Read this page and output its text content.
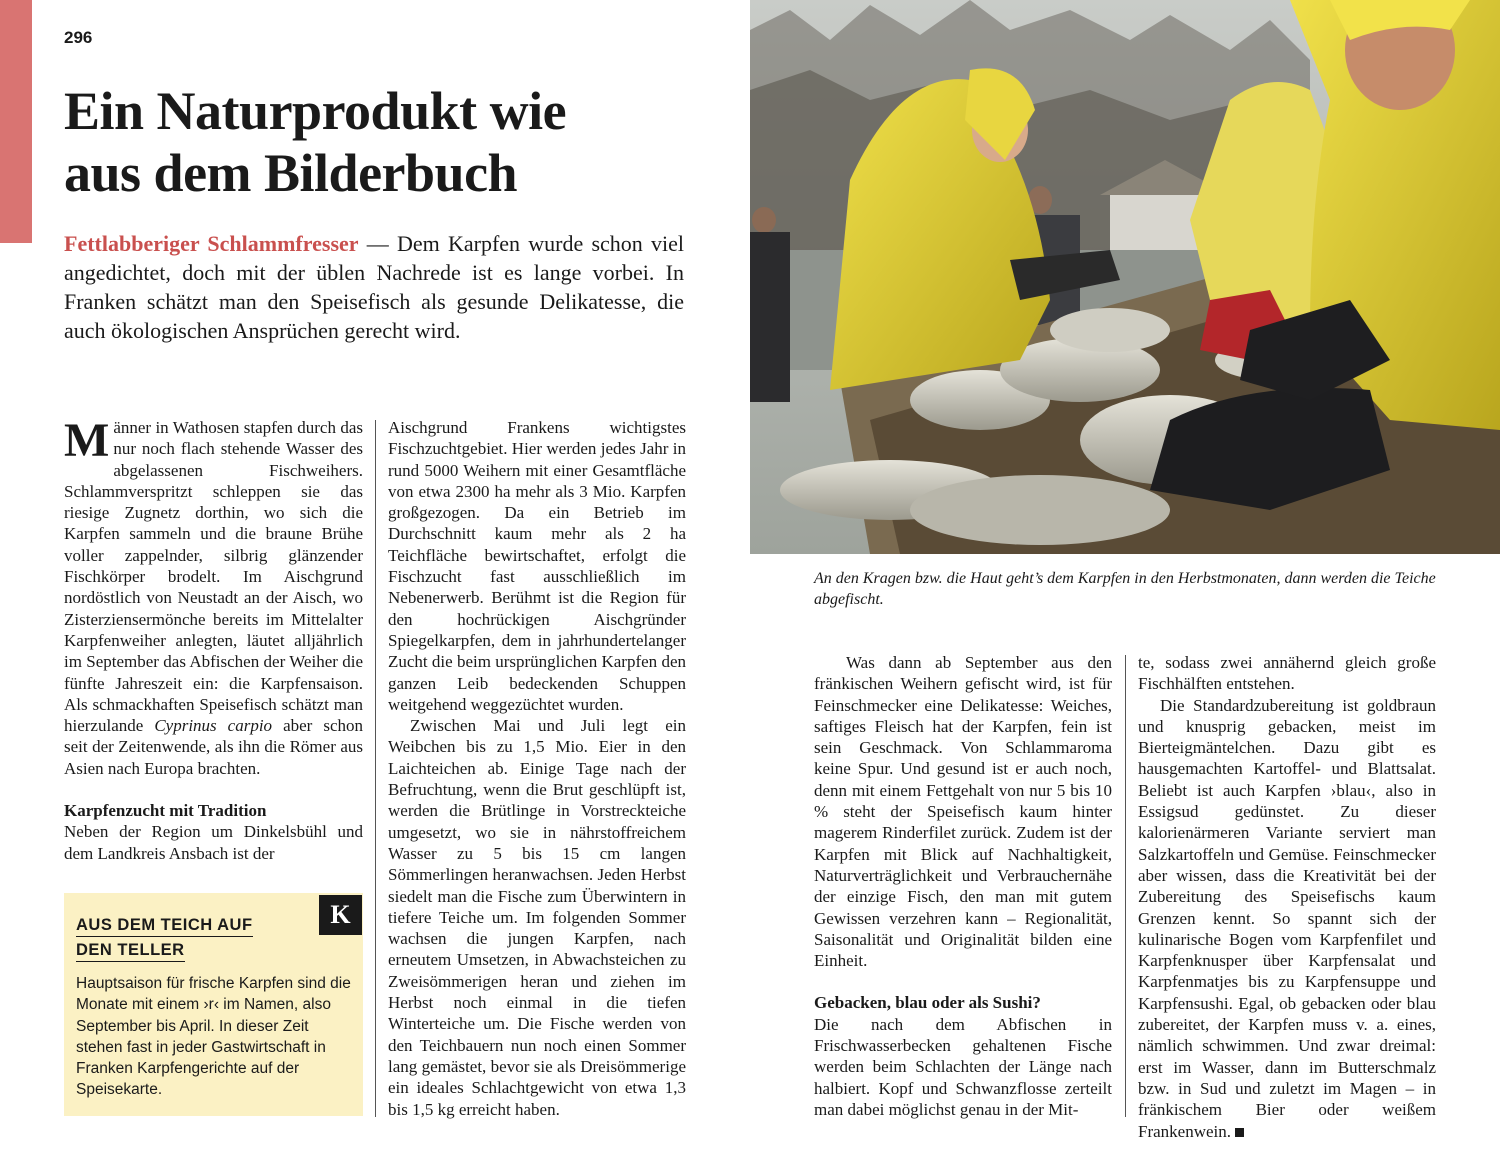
296
Ein Naturprodukt wie
aus dem Bilderbuch

Fettlabberiger Schlammfresser — Dem Karpfen wurde schon viel angedichtet, doch mit der üblen Nachrede ist es lange vorbei. In Franken schätzt man den Speisefisch als gesunde Delikatesse, die auch ökologischen Ansprüchen gerecht wird.

Männer in Wathosen stapfen durch das nur noch flach stehende Wasser des abgelassenen Fischweihers. Schlammverspritzt schleppen sie das riesige Zugnetz dorthin, wo sich die Karpfen sammeln und die braune Brühe voller zappelnder, silbrig glänzender Fischkörper brodelt. Im Aischgrund nordöstlich von Neustadt an der Aisch, wo Zisterziensermönche bereits im Mittelalter Karpfenweiher anlegten, läutet alljährlich im September das Abfischen der Weiher die fünfte Jahreszeit ein: die Karpfensaison. Als schmackhaften Speisefisch schätzt man hierzulande Cyprinus carpio aber schon seit der Zeitenwende, als ihn die Römer aus Asien nach Europa brachten.

Karpfenzucht mit Tradition

Neben der Region um Dinkelsbühl und dem Landkreis Ansbach ist der

AUS DEM TEICH AUF
DEN TELLER
Hauptsaison für frische Karpfen sind die Monate mit einem ›r‹ im Namen, also September bis April. In dieser Zeit stehen fast in jeder Gastwirtschaft in Franken Karpfengerichte auf der Speisekarte.
K

Aischgrund Frankens wichtigstes Fischzuchtgebiet. Hier werden jedes Jahr in rund 5000 Weihern mit einer Gesamtfläche von etwa 2300 ha mehr als 3 Mio. Karpfen großgezogen. Da ein Betrieb im Durchschnitt kaum mehr als 2 ha Teichfläche bewirtschaftet, erfolgt die Fischzucht fast ausschließlich im Nebenerwerb. Berühmt ist die Region für den hochrückigen Aischgründer Spiegelkarpfen, dem in jahrhundertelanger Zucht die beim ursprünglichen Karpfen den ganzen Leib bedeckenden Schuppen weitgehend weggezüchtet wurden.

Zwischen Mai und Juli legt ein Weibchen bis zu 1,5 Mio. Eier in den Laichteichen ab. Einige Tage nach der Befruchtung, wenn die Brut geschlüpft ist, werden die Brütlinge in Vorstreckteiche umgesetzt, wo sie in nährstoffreichem Wasser zu 5 bis 15 cm langen Sömmerlingen heranwachsen. Jeden Herbst siedelt man die Fische zum Überwintern in tiefere Teiche um. Im folgenden Sommer wachsen die jungen Karpfen, nach erneutem Umsetzen, in Abwachsteichen zu Zweisömmerigen heran und ziehen im Herbst noch einmal in die tiefen Winterteiche um. Die Fische werden von den Teichbauern nun noch einen Sommer lang gemästet, bevor sie als Dreisömmerige ein ideales Schlachtgewicht von etwa 1,3 bis 1,5 kg erreicht haben.

An den Kragen bzw. die Haut geht’s dem Karpfen in den Herbstmonaten, dann werden die Teiche abgefischt.

Was dann ab September aus den fränkischen Weihern gefischt wird, ist für Feinschmecker eine Delikatesse: Weiches, saftiges Fleisch hat der Karpfen, fein ist sein Geschmack. Von Schlammaroma keine Spur. Und gesund ist er auch noch, denn mit einem Fettgehalt von nur 5 bis 10 % steht der Speisefisch kaum hinter magerem Rinderfilet zurück. Zudem ist der Karpfen mit Blick auf Nachhaltigkeit, Naturverträglichkeit und Verbrauchernähe der einzige Fisch, den man mit gutem Gewissen verzehren kann – Regionalität, Saisonalität und Originalität bilden eine Einheit.

Gebacken, blau oder als Sushi?

Die nach dem Abfischen in Frischwasserbecken gehaltenen Fische werden beim Schlachten der Länge nach halbiert. Kopf und Schwanzflosse zerteilt man dabei möglichst genau in der Mit-

te, sodass zwei annähernd gleich große Fischhälften entstehen.

Die Standardzubereitung ist goldbraun und knusprig gebacken, meist im Bierteigmäntelchen. Dazu gibt es hausgemachten Kartoffel- und Blattsalat. Beliebt ist auch Karpfen ›blau‹, also in Essigsud gedünstet. Zu dieser kalorienärmeren Variante serviert man Salzkartoffeln und Gemüse. Feinschmecker aber wissen, dass die Kreativität bei der Zubereitung des Speisefischs kaum Grenzen kennt. So spannt sich der kulinarische Bogen vom Karpfenfilet und Karpfenknusper über Karpfensalat und Karpfenmatjes bis zu Karpfensuppe und Karpfensushi. Egal, ob gebacken oder blau zubereitet, der Karpfen muss v. a. eines, nämlich schwimmen. Und zwar dreimal: erst im Wasser, dann im Butterschmalz bzw. in Sud und zuletzt im Magen – in fränkischem Bier oder weißem Frankenwein.
